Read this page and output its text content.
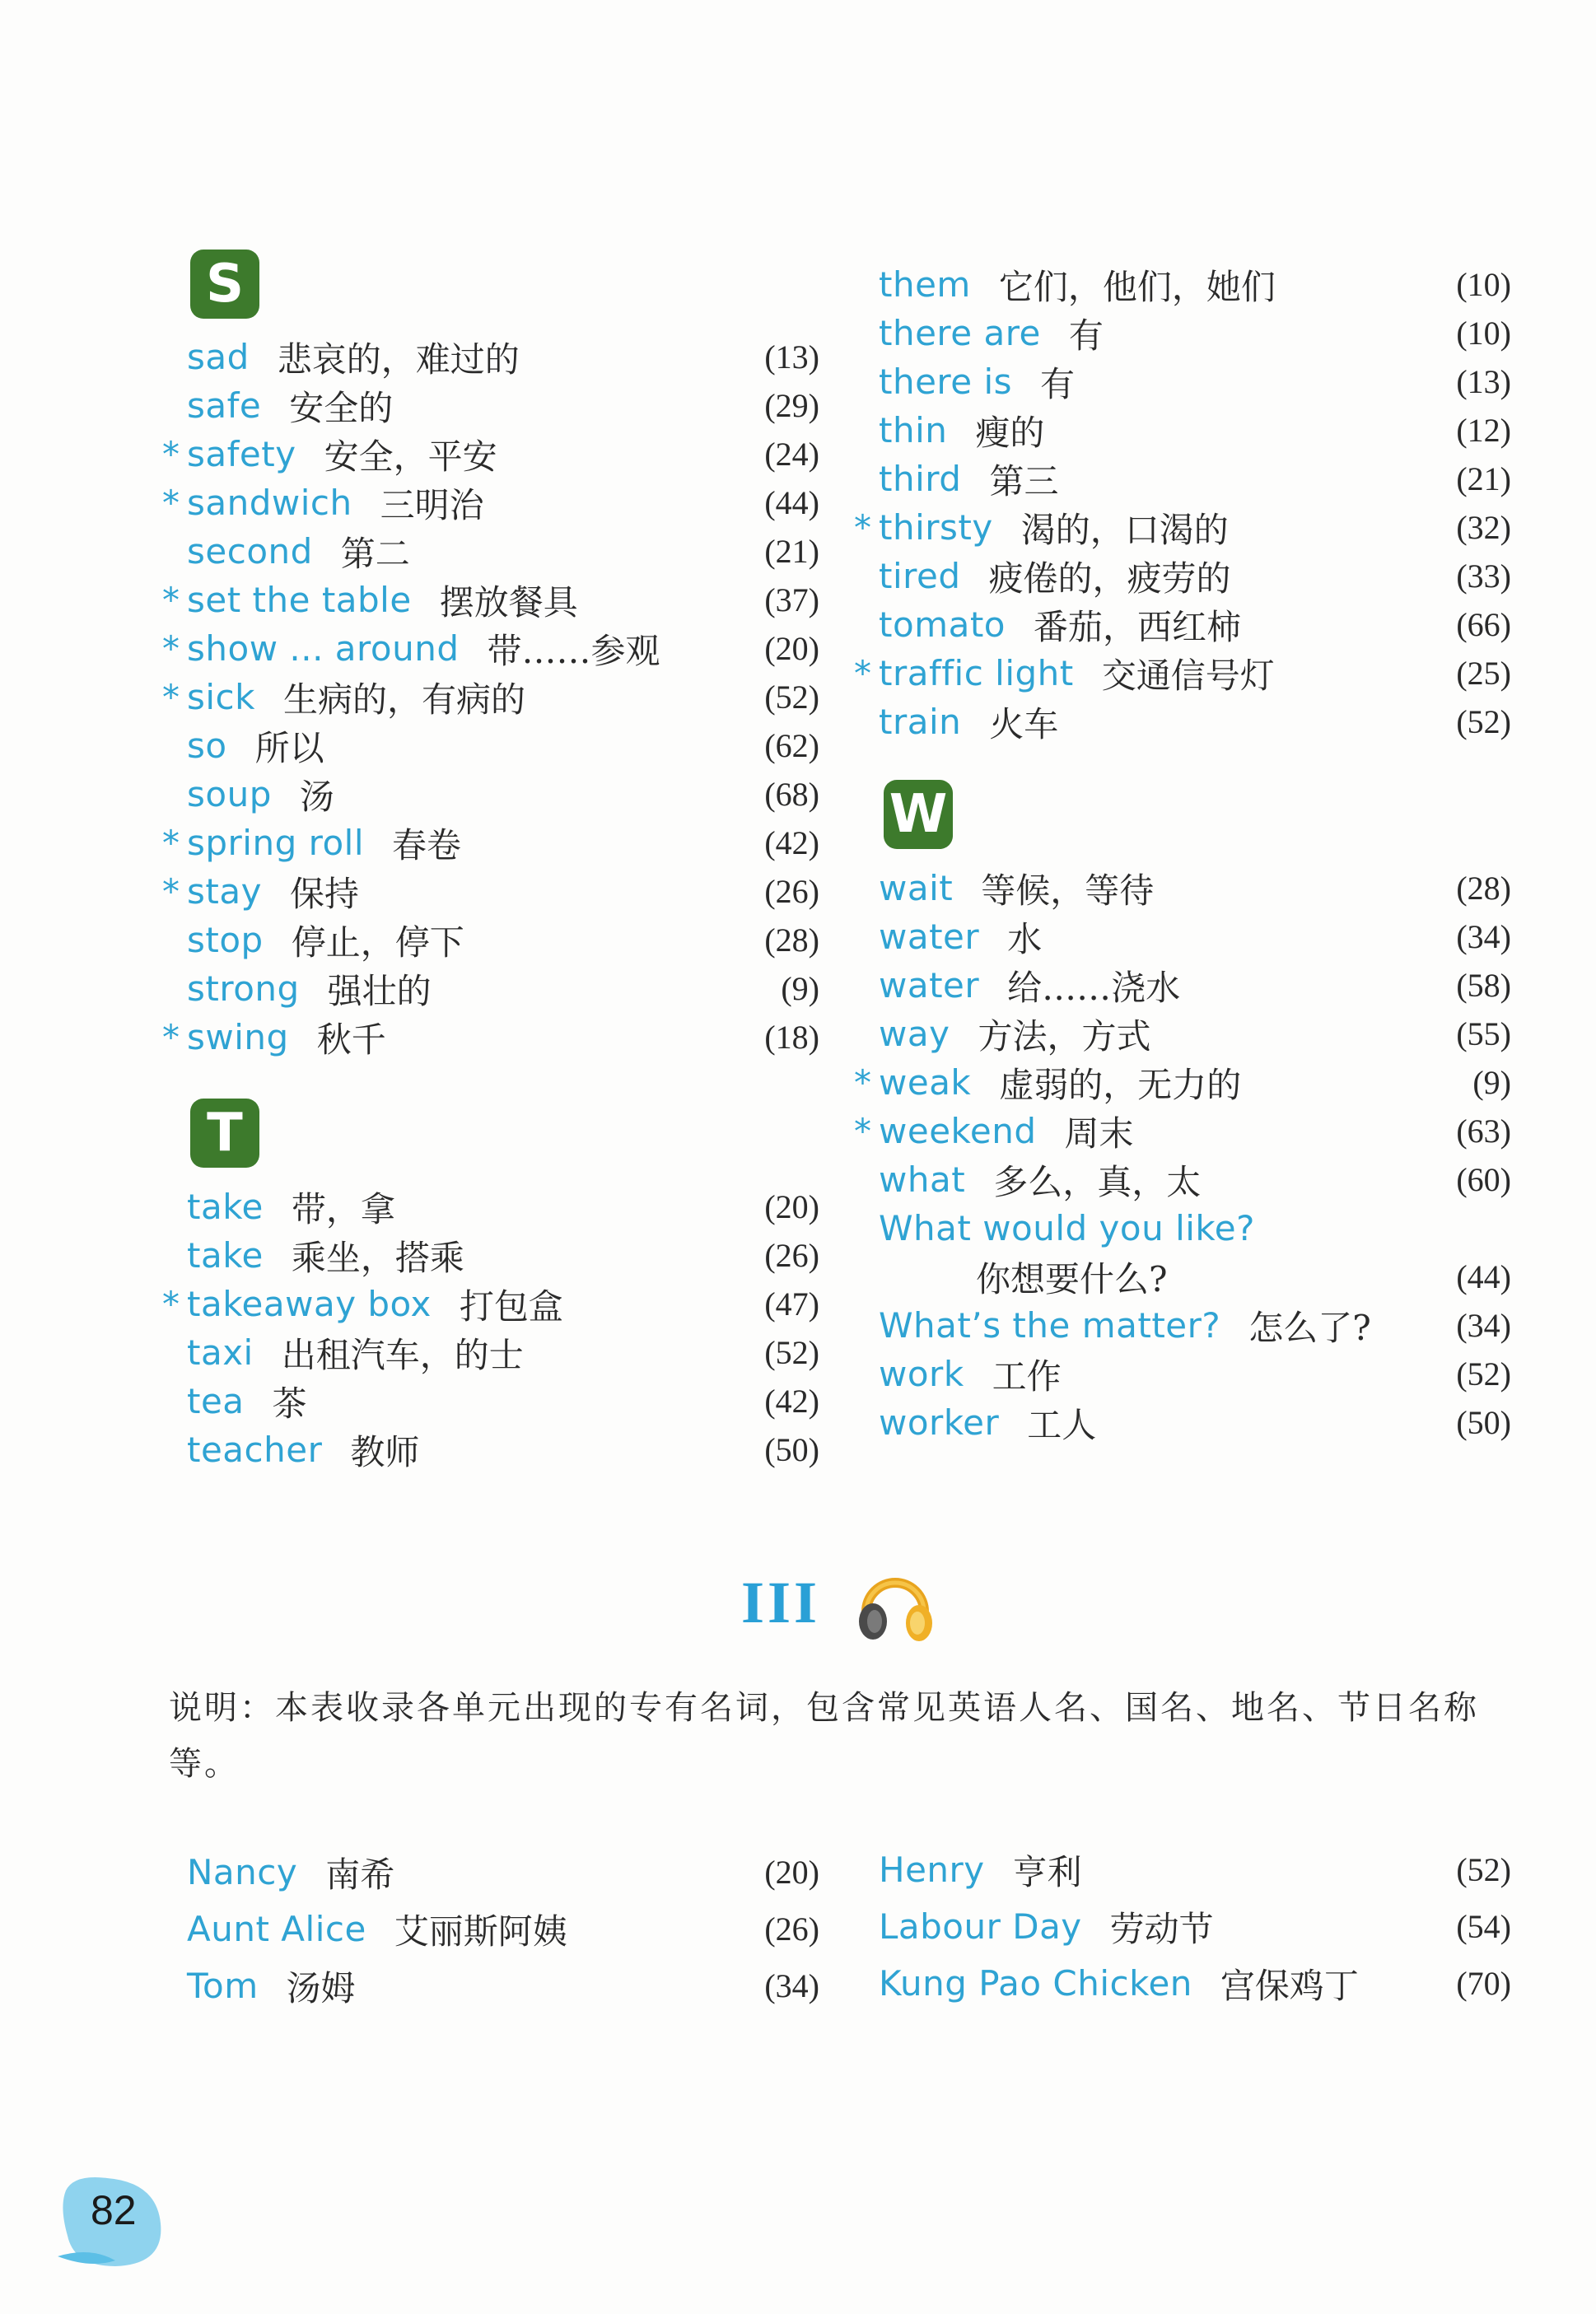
S
sad 悲哀的，难过的	(13)
safe 安全的	(29)
* safety 安全，平安	(24)
* sandwich 三明治	(44)
second 第二	(21)
* set the table 摆放餐具	(37)
* show ... around 带……参观	(20)
* sick 生病的，有病的	(52)
so 所以	(62)
soup 汤	(68)
* spring roll 春卷	(42)
* stay 保持	(26)
stop 停止，停下	(28)
strong 强壮的	(9)
* swing 秋千	(18)
T
take 带，拿	(20)
take 乘坐，搭乘	(26)
* takeaway box 打包盒	(47)
taxi 出租汽车，的士	(52)
tea 茶	(42)
teacher 教师	(50)
them 它们，他们，她们	(10)
there are 有	(10)
there is 有	(13)
thin 瘦的	(12)
third 第三	(21)
* thirsty 渴的，口渴的	(32)
tired 疲倦的，疲劳的	(33)
tomato 番茄，西红柿	(66)
* traffic light 交通信号灯	(25)
train 火车	(52)
W
wait 等候，等待	(28)
water 水	(34)
water 给……浇水	(58)
way 方法，方式	(55)
* weak 虚弱的，无力的	(9)
* weekend 周末	(63)
what 多么，真，太	(60)
What would you like?
你想要什么?	(44)
What’s the matter? 怎么了?	(34)
work 工作	(52)
worker 工人	(50)
III
说明：本表收录各单元出现的专有名词，包含常见英语人名、国名、地名、节日名称等。
Nancy 南希	(20)
Aunt Alice 艾丽斯阿姨	(26)
Tom 汤姆	(34)
Henry 亨利	(52)
Labour Day 劳动节	(54)
Kung Pao Chicken 宫保鸡丁	(70)
82
